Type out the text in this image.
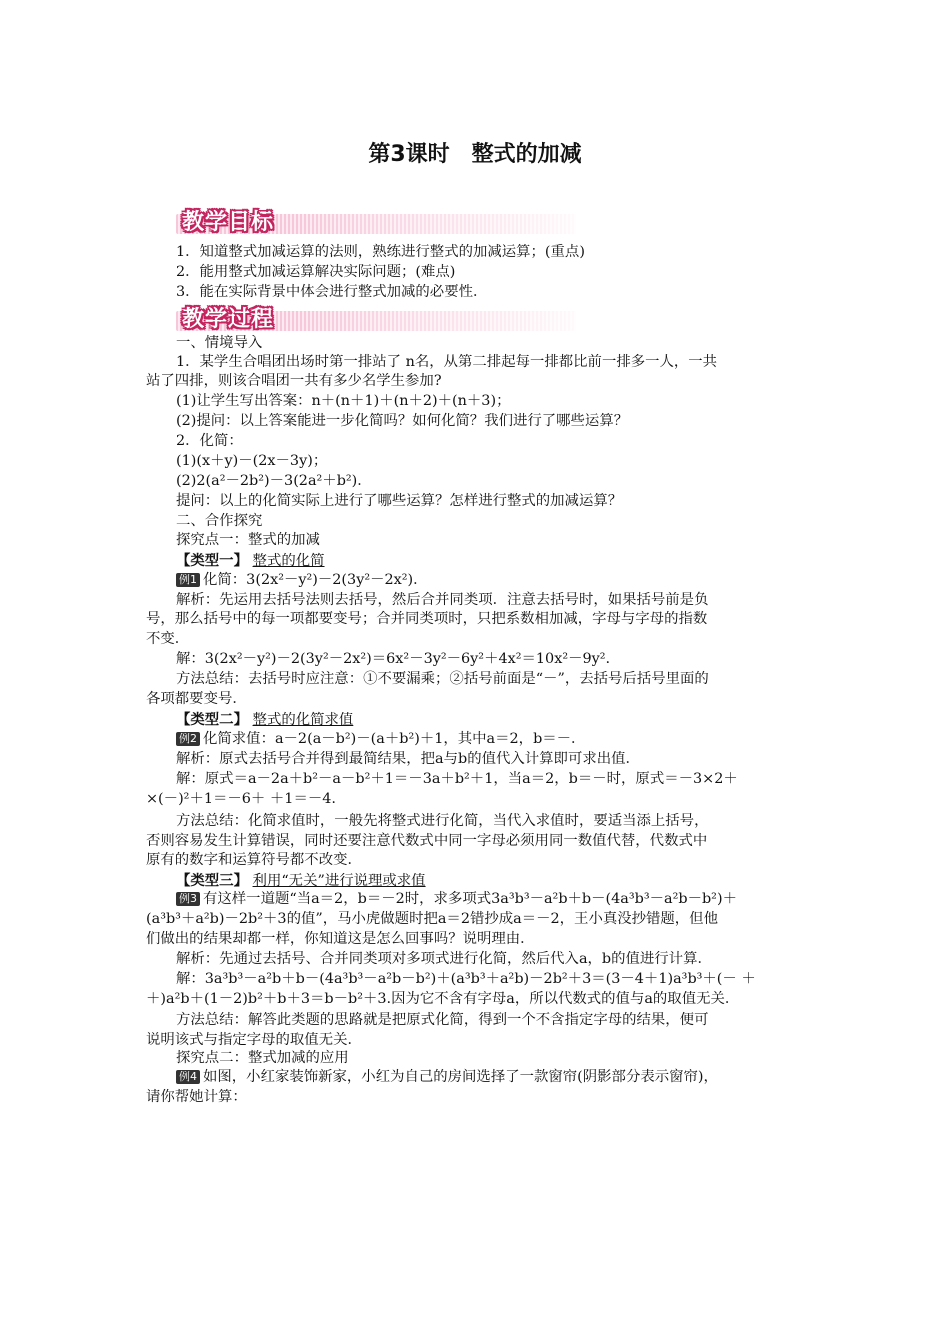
第3课时　整式的加减
教学目标
1．知道整式加减运算的法则，熟练进行整式的加减运算；(重点)
2．能用整式加减运算解决实际问题；(难点)
3．能在实际背景中体会进行整式加减的必要性．
教学过程
一、情境导入
1．某学生合唱团出场时第一排站了 n名，从第二排起每一排都比前一排多一人，一共
站了四排，则该合唱团一共有多少名学生参加?
(1)让学生写出答案：n＋(n＋1)＋(n＋2)＋(n＋3)；
(2)提问：以上答案能进一步化简吗？如何化简？我们进行了哪些运算？
2．化简：
(1)(x＋y)－(2x－3y)；
(2)2(a²－2b²)－3(2a²＋b²)．
提问：以上的化简实际上进行了哪些运算？怎样进行整式的加减运算？
二、合作探究
探究点一：整式的加减
【类型一】 整式的化简
例1 化简：3(2x²－y²)－2(3y²－2x²)．
解析：先运用去括号法则去括号，然后合并同类项．注意去括号时，如果括号前是负
号，那么括号中的每一项都要变号；合并同类项时，只把系数相加减，字母与字母的指数
不变．
解：3(2x²－y²)－2(3y²－2x²)＝6x²－3y²－6y²＋4x²＝10x²－9y².
方法总结：去括号时应注意：①不要漏乘；②括号前面是“－”，去括号后括号里面的
各项都要变号．
【类型二】 整式的化简求值
例2 化简求值：a－2(a－b²)－(a＋b²)＋1，其中a＝2，b＝－．
解析：原式去括号合并得到最简结果，把a与b的值代入计算即可求出值．
解：原式＝a－2a＋b²－a－b²＋1＝－3a＋b²＋1，当a＝2，b＝－时，原式＝－3×2＋
×(－)²＋1＝－6＋ ＋1＝－4.
方法总结：化简求值时，一般先将整式进行化简，当代入求值时，要适当添上括号，
否则容易发生计算错误，同时还要注意代数式中同一字母必须用同一数值代替，代数式中
原有的数字和运算符号都不改变．
【类型三】 利用“无关”进行说理或求值
例3 有这样一道题“当a＝2，b＝－2时，求多项式3a³b³－a²b＋b－(4a³b³－a²b－b²)＋
(a³b³＋a²b)－2b²＋3的值”，马小虎做题时把a＝2错抄成a＝－2，王小真没抄错题，但他
们做出的结果却都一样，你知道这是怎么回事吗？说明理由．
解析：先通过去括号、合并同类项对多项式进行化简，然后代入a，b的值进行计算．
解：3a³b³－a²b＋b－(4a³b³－a²b－b²)＋(a³b³＋a²b)－2b²＋3＝(3－4＋1)a³b³＋(－ ＋
＋)a²b＋(1－2)b²＋b＋3＝b－b²＋3.因为它不含有字母a，所以代数式的值与a的取值无关．
方法总结：解答此类题的思路就是把原式化简，得到一个不含指定字母的结果，便可
说明该式与指定字母的取值无关．
探究点二：整式加减的应用
例4 如图，小红家装饰新家，小红为自己的房间选择了一款窗帘(阴影部分表示窗帘)，
请你帮她计算：
